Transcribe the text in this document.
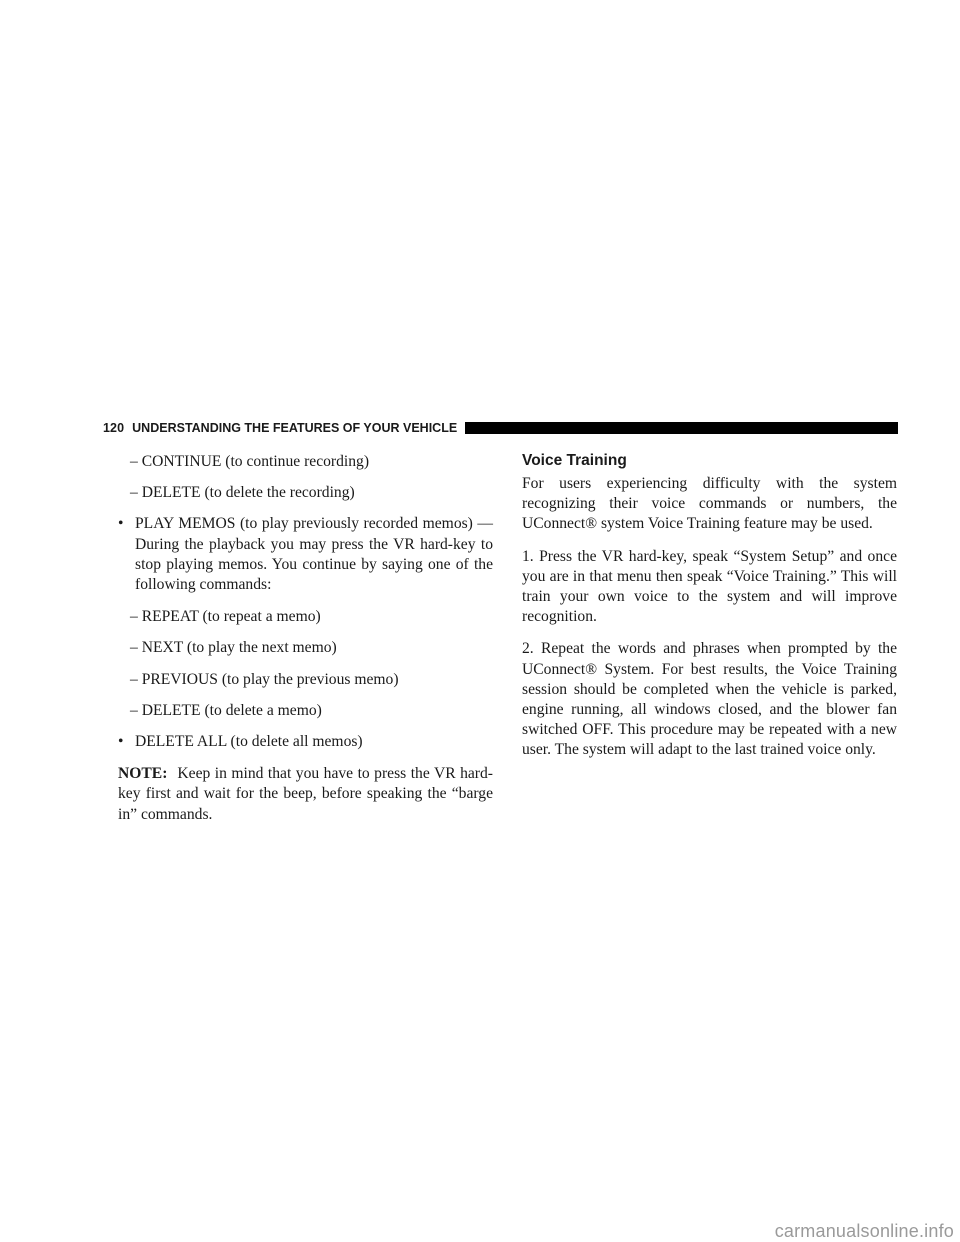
120 UNDERSTANDING THE FEATURES OF YOUR VEHICLE

– CONTINUE (to continue recording)

– DELETE (to delete the recording)

• PLAY MEMOS (to play previously recorded memos) — During the playback you may press the VR hard-key to stop playing memos. You continue by saying one of the following commands:

– REPEAT (to repeat a memo)

– NEXT (to play the next memo)

– PREVIOUS (to play the previous memo)

– DELETE (to delete a memo)

• DELETE ALL (to delete all memos)

NOTE: Keep in mind that you have to press the VR hard-key first and wait for the beep, before speaking the “barge in” commands.

Voice Training

For users experiencing difficulty with the system recognizing their voice commands or numbers, the UConnect® system Voice Training feature may be used.

1. Press the VR hard-key, speak “System Setup” and once you are in that menu then speak “Voice Training.” This will train your own voice to the system and will improve recognition.

2. Repeat the words and phrases when prompted by the UConnect® System. For best results, the Voice Training session should be completed when the vehicle is parked, engine running, all windows closed, and the blower fan switched OFF. This procedure may be repeated with a new user. The system will adapt to the last trained voice only.

carmanualsonline.info
